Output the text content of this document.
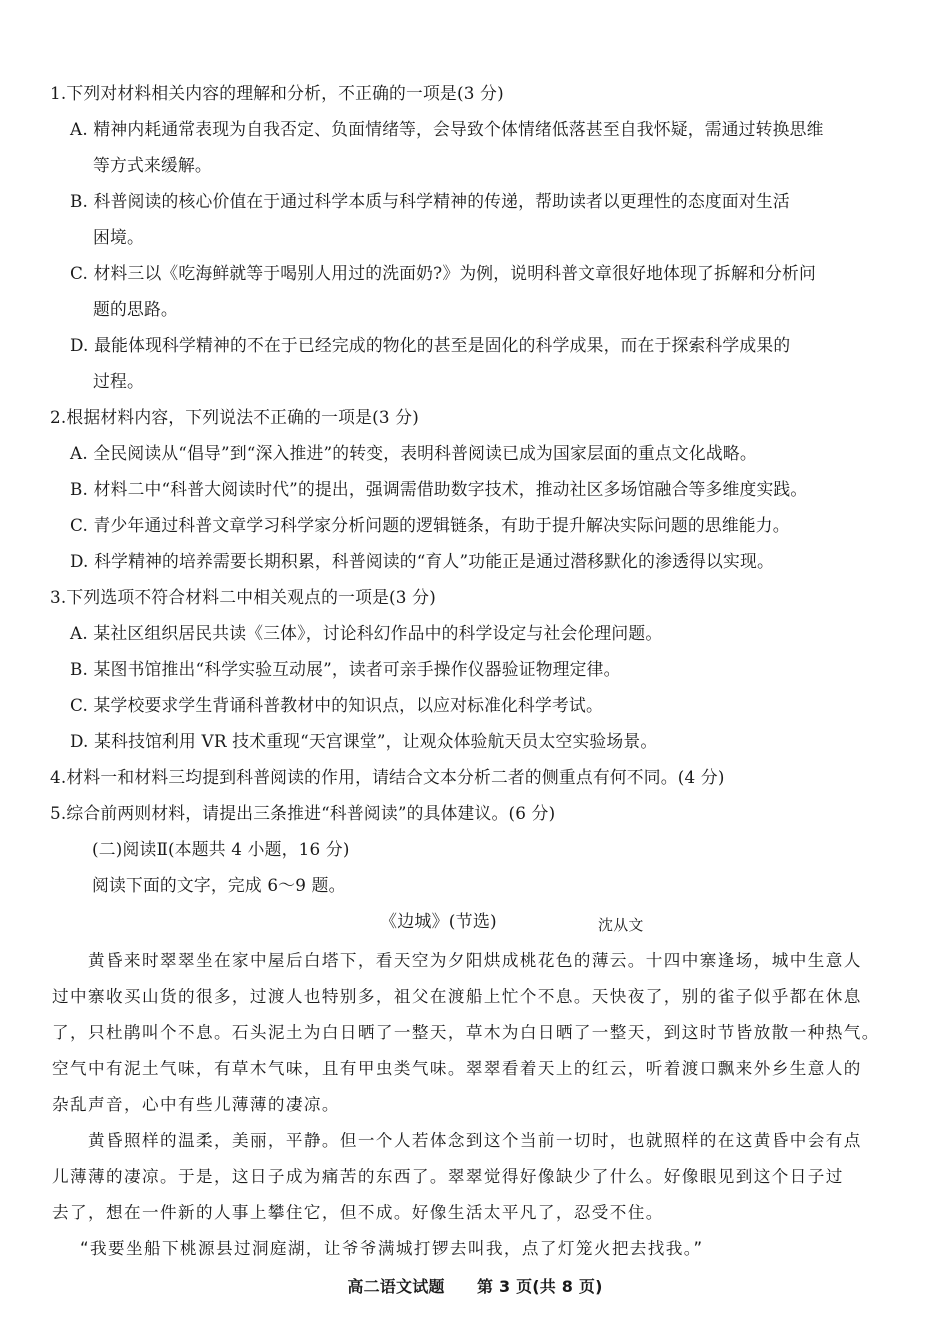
1.下列对材料相关内容的理解和分析，不正确的一项是(3 分)
A. 精神内耗通常表现为自我否定、负面情绪等，会导致个体情绪低落甚至自我怀疑，需通过转换思维
等方式来缓解。
B. 科普阅读的核心价值在于通过科学本质与科学精神的传递，帮助读者以更理性的态度面对生活
困境。
C. 材料三以《吃海鲜就等于喝别人用过的洗面奶?》为例，说明科普文章很好地体现了拆解和分析问
题的思路。
D. 最能体现科学精神的不在于已经完成的物化的甚至是固化的科学成果，而在于探索科学成果的
过程。
2.根据材料内容，下列说法不正确的一项是(3 分)
A. 全民阅读从“倡导”到“深入推进”的转变，表明科普阅读已成为国家层面的重点文化战略。
B. 材料二中“科普大阅读时代”的提出，强调需借助数字技术，推动社区多场馆融合等多维度实践。
C. 青少年通过科普文章学习科学家分析问题的逻辑链条，有助于提升解决实际问题的思维能力。
D. 科学精神的培养需要长期积累，科普阅读的“育人”功能正是通过潜移默化的渗透得以实现。
3.下列选项不符合材料二中相关观点的一项是(3 分)
A. 某社区组织居民共读《三体》，讨论科幻作品中的科学设定与社会伦理问题。
B. 某图书馆推出“科学实验互动展”，读者可亲手操作仪器验证物理定律。
C. 某学校要求学生背诵科普教材中的知识点，以应对标准化科学考试。
D. 某科技馆利用 VR 技术重现“天宫课堂”，让观众体验航天员太空实验场景。
4.材料一和材料三均提到科普阅读的作用，请结合文本分析二者的侧重点有何不同。(4 分)
5.综合前两则材料，请提出三条推进“科普阅读”的具体建议。(6 分)
(二)阅读Ⅱ(本题共 4 小题，16 分)
阅读下面的文字，完成 6～9 题。
《边城》(节选)	沈从文
黄昏来时翠翠坐在家中屋后白塔下，看天空为夕阳烘成桃花色的薄云。十四中寨逢场，城中生意人
过中寨收买山货的很多，过渡人也特别多，祖父在渡船上忙个不息。天快夜了，别的雀子似乎都在休息
了，只杜鹃叫个不息。石头泥土为白日晒了一整天，草木为白日晒了一整天，到这时节皆放散一种热气。
空气中有泥土气味，有草木气味，且有甲虫类气味。翠翠看着天上的红云，听着渡口飘来外乡生意人的
杂乱声音，心中有些儿薄薄的凄凉。
黄昏照样的温柔，美丽，平静。但一个人若体念到这个当前一切时，也就照样的在这黄昏中会有点
儿薄薄的凄凉。于是，这日子成为痛苦的东西了。翠翠觉得好像缺少了什么。好像眼见到这个日子过
去了，想在一件新的人事上攀住它，但不成。好像生活太平凡了，忍受不住。
“我要坐船下桃源县过洞庭湖，让爷爷满城打锣去叫我，点了灯笼火把去找我。”
高二语文试题　　第 3 页(共 8 页)
